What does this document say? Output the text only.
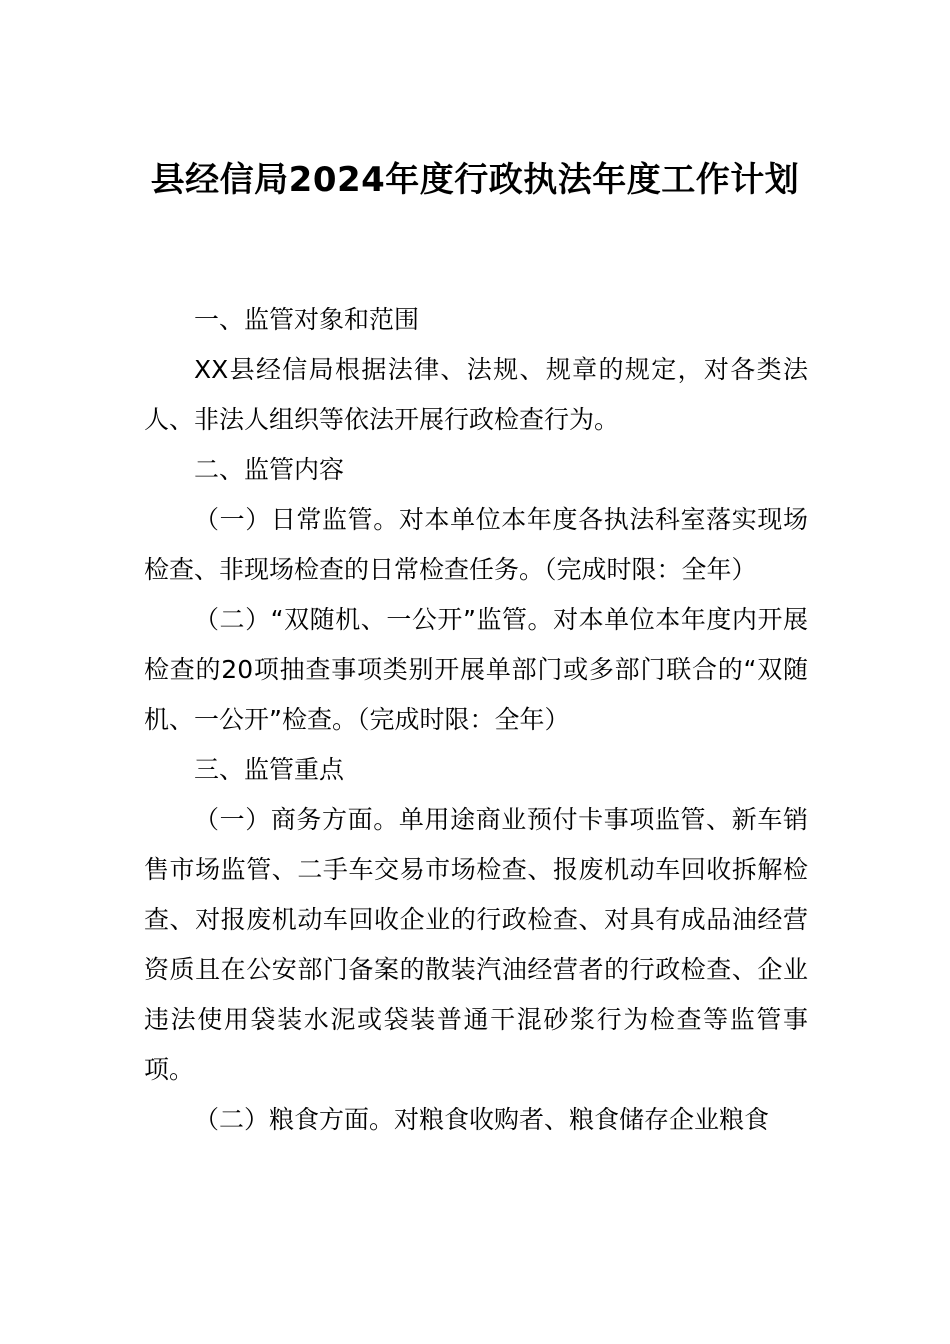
县经信局2024年度行政执法年度工作计划

一、监管对象和范围

XX县经信局根据法律、法规、规章的规定，对各类法人、非法人组织等依法开展行政检查行为。

二、监管内容

（一）日常监管。对本单位本年度各执法科室落实现场检查、非现场检查的日常检查任务。（完成时限：全年）

（二）“双随机、一公开”监管。对本单位本年度内开展检查的20项抽查事项类别开展单部门或多部门联合的“双随机、一公开”检查。（完成时限：全年）

三、监管重点

（一）商务方面。单用途商业预付卡事项监管、新车销售市场监管、二手车交易市场检查、报废机动车回收拆解检查、对报废机动车回收企业的行政检查、对具有成品油经营资质且在公安部门备案的散装汽油经营者的行政检查、企业违法使用袋装水泥或袋装普通干混砂浆行为检查等监管事项。

（二）粮食方面。对粮食收购者、粮食储存企业粮食
